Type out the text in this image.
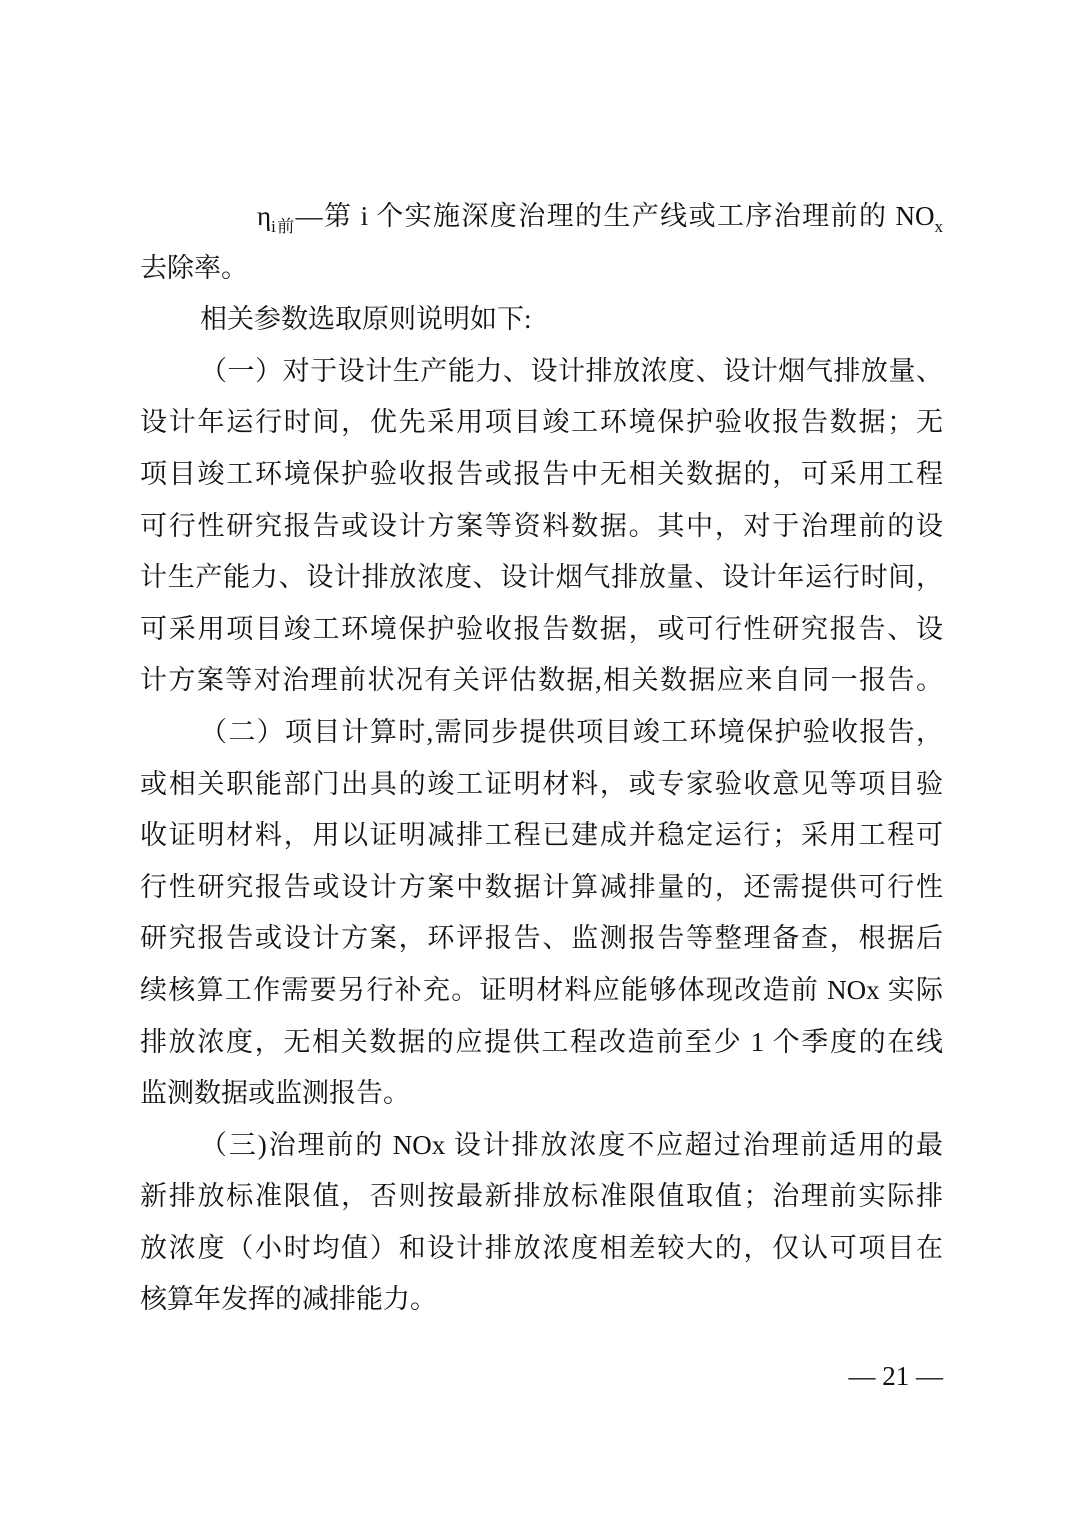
$\eta_{i前}—$第 i 个实施深度治理的生产线或工序治理前的 $NO_x$
去除率。
相关参数选取原则说明如下:
（一）对于设计生产能力、设计排放浓度、设计烟气排放量、
设计年运行时间，优先采用项目竣工环境保护验收报告数据；无
项目竣工环境保护验收报告或报告中无相关数据的，可采用工程
可行性研究报告或设计方案等资料数据。其中，对于治理前的设
计生产能力、设计排放浓度、设计烟气排放量、设计年运行时间，
可采用项目竣工环境保护验收报告数据，或可行性研究报告、设
计方案等对治理前状况有关评估数据,相关数据应来自同一报告。
（二）项目计算时,需同步提供项目竣工环境保护验收报告，
或相关职能部门出具的竣工证明材料，或专家验收意见等项目验
收证明材料，用以证明减排工程已建成并稳定运行；采用工程可
行性研究报告或设计方案中数据计算减排量的，还需提供可行性
研究报告或设计方案，环评报告、监测报告等整理备查，根据后
续核算工作需要另行补充。证明材料应能够体现改造前 NOx 实际
排放浓度，无相关数据的应提供工程改造前至少 1 个季度的在线
监测数据或监测报告。
（三)治理前的 NOx 设计排放浓度不应超过治理前适用的最
新排放标准限值，否则按最新排放标准限值取值；治理前实际排
放浓度（小时均值）和设计排放浓度相差较大的，仅认可项目在
核算年发挥的减排能力。
— 21 —
